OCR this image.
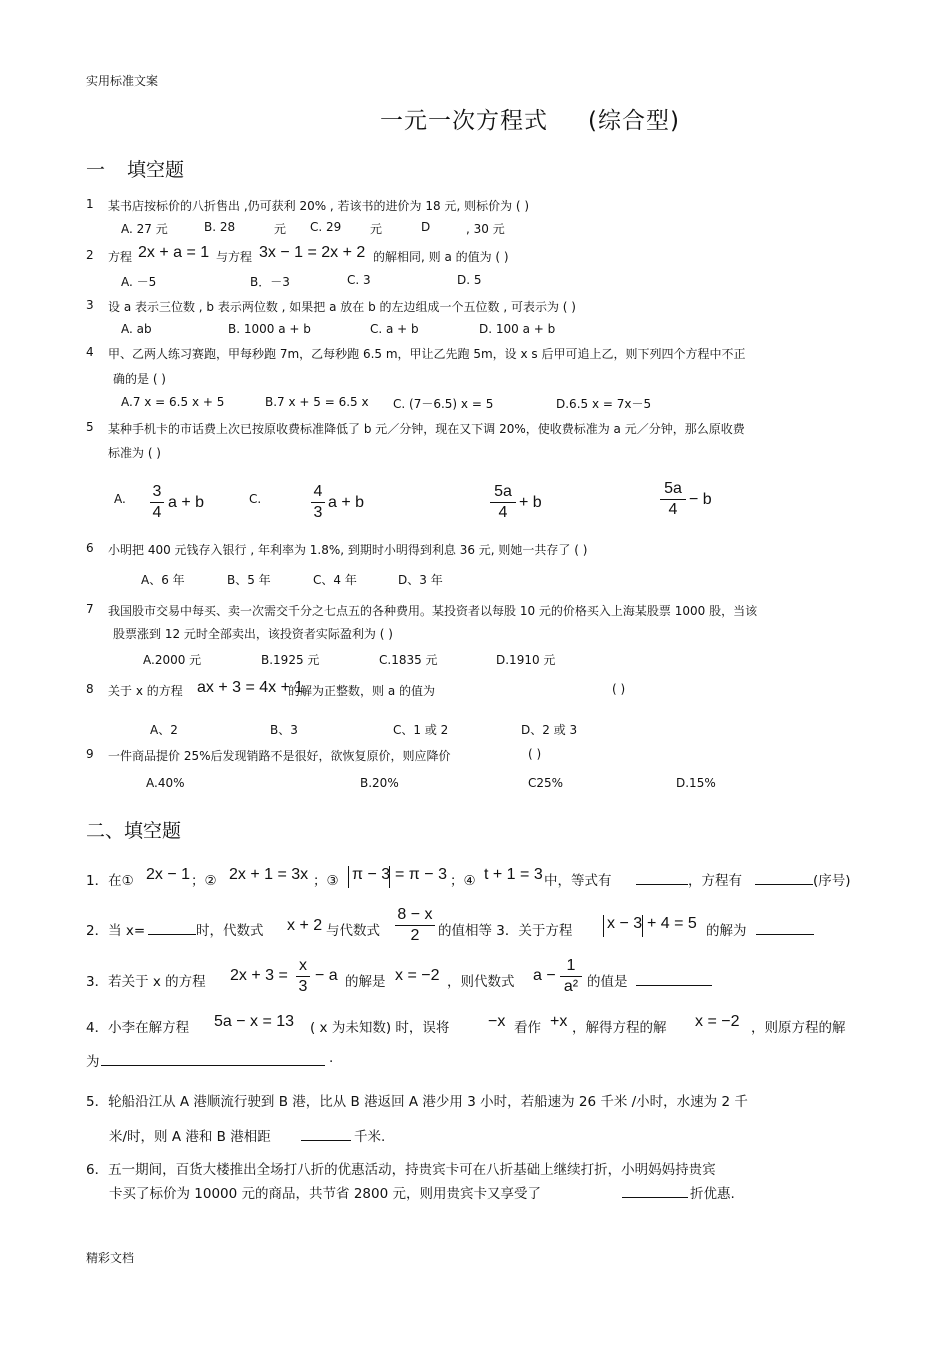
实用标准文案
精彩文档
一元一次方程式 (综合型)
一 填空题
1 某书店按标价的八折售出 ,仍可获利 20% , 若该书的进价为 18 元, 则标价为 ( )
A. 27 元	B. 28	元 C. 29 元	D	, 30 元
2 方程 2x + a = 1 与方程 3x − 1 = 2x + 2 的解相同, 则 a 的值为 ( )
A. －5	B．－3	C. 3	D. 5
3 设 a 表示三位数 , b 表示两位数 , 如果把 a 放在 b 的左边组成一个五位数 , 可表示为 ( )
A. ab	B. 1000 a + b	C. a + b	D. 100 a + b
4 甲、乙两人练习赛跑，甲每秒跑 7m，乙每秒跑 6.5 m，甲让乙先跑 5m，设 x s 后甲可追上乙，则下列四个方程中不正
确的是 ( )
A.7 x = 6.5 x + 5	B.7 x + 5 = 6.5 x C. (7－6.5) x = 5	D.6.5 x = 7x－5
5 某种手机卡的市话费上次已按原收费标准降低了 b 元／分钟，现在又下调 20%，使收费标准为 a 元／分钟，那么原收费
标准为 ( )
A. 3
4
a + b	C.	4
3
a + b
5a
4
+ b
5a
4
− b
6 小明把 400 元钱存入银行 , 年利率为 1.8%, 到期时小明得到利息 36 元, 则她一共存了 ( )
A、6 年	B、5 年	C、4 年	D、3 年
7 我国股市交易中每买、卖一次需交千分之七点五的各种费用。某投资者以每股 10 元的价格买入上海某股票 1000 股，当该
股票涨到 12 元时全部卖出，该投资者实际盈利为 ( )
A.2000 元	B.1925 元	C.1835 元	D.1910 元
8 关于 x 的方程 ax + 3 = 4x + 1
的解为正整数，则 a 的值为	( )
A、2	B、3	C、1 或 2	D、2 或 3
9 一件商品提价 25%后发现销路不是很好，欲恢复原价，则应降价	( )
A.40%	B.20%	C25%	D.15%
二、填空题
1．在① 2x − 1 ；② 2x + 1 = 3x ；③ π − 3 = π − 3 ；④ t + 1 = 3 中，等式有	，方程有	(序号)
2．当 x=	时，代数式 x + 2 与代数式
8 − x
2	的值相等 3．关于方程 x − 3 + 4 = 5 的解为
3．若关于 x 的方程 2x + 3 =
x
3
− a 的解是 x = −2 ，则代数式 a −
1
a² 的值是
4．小李在解方程 5a − x = 13 ( x 为未知数) 时，误将 −x 看作 +x ，解得方程的解 x = −2 ，则原方程的解
为	.
5．轮船沿江从 A 港顺流行驶到 B 港，比从 B 港返回 A 港少用 3 小时，若船速为 26 千米 /小时，水速为 2 千
米/时，则 A 港和 B 港相距	千米.
6．五一期间，百货大楼推出全场打八折的优惠活动，持贵宾卡可在八折基础上继续打折，小明妈妈持贵宾
卡买了标价为 10000 元的商品，共节省 2800 元，则用贵宾卡又享受了	折优惠.
